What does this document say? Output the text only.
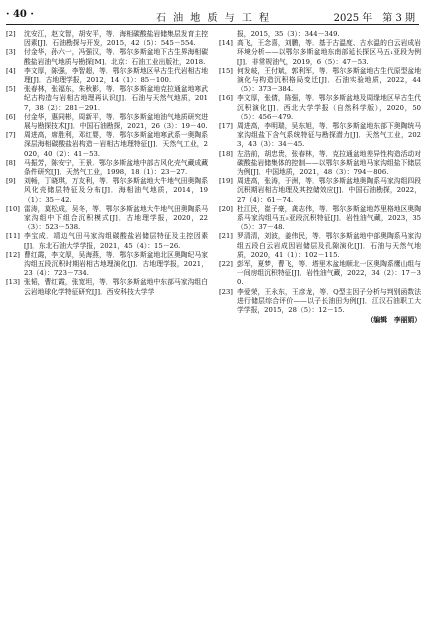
· 40 ·	石 油 地 质 与 工 程	2025 年　第 3 期
[2]	沈安江，赵文智，胡安平，等．海相碳酸盐岩储集层发育主控因素[J]．石油勘探与开发，2015，42（5）：545－554.
[3]	付金华，孙六一，冯强汉，等．鄂尔多斯盆地下古生界海相碳酸盐岩油气地质与勘探[M]．北京：石油工业出版社，2018.
[4]	李文厚，陈强，李智超，等．鄂尔多斯地区早古生代岩相古地理[J]．古地理学报，2012，14（1）：85－100.
[5]	张春林，张福东，朱秋影，等．鄂尔多斯盆地克拉通盆地寒武纪古构造与岩相古地理再认识[J]．石油与天然气地质，2017，38（2）：281－291.
[6]	付金华，惠同彬，周新平，等．鄂尔多斯盆地油气地质研究进展与勘探技术[J]．中国石油勘探，2021，26（3）：19－40.
[7]	周进高，席胜利，邓红婴，等．鄂尔多斯盆地寒武系一奥陶系深层海相碳酸盐岩构造－岩相古地理特征[J]．天然气工业，2020，40（2）：41－53.
[8]	马振芳，陈安宁，王景．鄂尔多斯盆地中部古风化壳气藏成藏条件研究[J]．天然气工业，1998，18（1）：23－27.
[9]	刘畅，丁晓琪，万友利，等．鄂尔多斯盆地大牛地气田奥陶系风化壳储层特征及分布[J]．海相油气地质，2014，19（1）：35－42.
[10] 雷涛，莫松成，吴冬，等．鄂尔多斯盆地大牛地气田奥陶系马家沟组中下组合沉积模式[J]．古地理学报，2020，22（3）：523－538.
[11] 李宝成．靖边气田马家沟组碳酸盐岩储层特征及主控因素[J]．东北石油大学学报，2021，45（4）：15－26.
[12] 曹红霞，李文厚，吴海燕，等．鄂尔多斯盆地北区奥陶纪马家沟组五段沉积时期岩相古地理演化[J]．古地理学报，2021，23（4）：723－734.
[13] 张韬，曹红霞，张宽坦，等．鄂尔多斯盆地中东部马家沟组白云岩地球化学特征研究[J]．西安科技大学学
报，2015，35（3）：344－349.
[14] 高飞，王念喜，刘鹏，等．基于古温度、古水温的白云岩成岩环境分析——以鄂尔多斯盆地东南部延长探区马五₁亚段为例[J]．非常规油气，2019，6（5）：47－53.
[15] 何发岐，王付斌，郭利军，等．鄂尔多斯盆地古生代原型盆地演化与构造沉积格局变迁[J]．石油实验地质，2022，44（5）：373－384.
[16] 李文厚，张倩，陈强，等．鄂尔多斯盆地及周缘地区早古生代沉积演化[J]．西北大学学报（自然科学版），2020，50（5）：456－479.
[17] 周进高，李明瑞，吴东旭，等．鄂尔多斯盆地东部下奥陶统马家沟组盐下含气系统特征与勘探潜力[J]．天然气工业，2023，43（3）：34－45.
[18] 左浩前，胡忠贵，张春林，等．克拉通盆地差异性构造活动对碳酸盐岩储集体的控制——以鄂尔多斯盆地马家沟组盐下储层为例[J]．中国地质，2021，48（3）：794－806.
[19] 周进高，张涛，于洲，等．鄂尔多斯盆地奥陶系马家沟组四段沉积期岩相古地理及其控储效应[J]．中国石油勘探，2022，27（4）：61－74.
[20] 杜江民，崔子豪，龚志伟，等．鄂尔多斯盆地苏里格地区奥陶系马家沟组马五₅亚段沉积特征[J]．岩性油气藏，2023，35（5）：37－48.
[21] 罗清清，刘波，姜伟民，等．鄂尔多斯盆地中部奥陶系马家沟组五段白云岩成因岩储层及孔隙演化[J]．石油与天然气地质，2020，41（1）：102－115.
[22] 彭军，夏梦，曹飞，等．塔里木盆地顺北一区奥陶系鹰山组与一间房组沉积特征[J]．岩性油气藏，2022，34（2）：17－30.
[23] 李爱荣，王永东，王彦龙，等．Q型主因子分析与判别函数法进行储层综合评价——以子长油田为例[J]．江汉石油职工大学学报，2015，28（5）：12－15.
（编辑　李丽娟）
